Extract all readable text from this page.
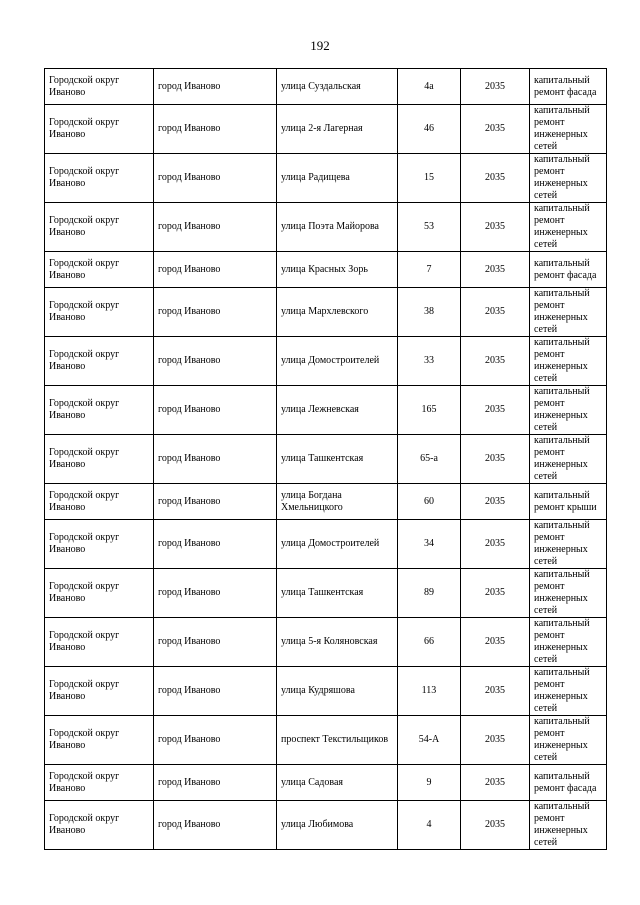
192
Городской округ Иваново	город Иваново	улица Суздальская	4а	2035	капитальный ремонт фасада
Городской округ Иваново	город Иваново	улица 2-я Лагерная	46	2035	капитальный ремонт инженерных сетей
Городской округ Иваново	город Иваново	улица Радищева	15	2035	капитальный ремонт инженерных сетей
Городской округ Иваново	город Иваново	улица Поэта Майорова	53	2035	капитальный ремонт инженерных сетей
Городской округ Иваново	город Иваново	улица Красных Зорь	7	2035	капитальный ремонт фасада
Городской округ Иваново	город Иваново	улица Мархлевского	38	2035	капитальный ремонт инженерных сетей
Городской округ Иваново	город Иваново	улица Домостроителей	33	2035	капитальный ремонт инженерных сетей
Городской округ Иваново	город Иваново	улица Лежневская	165	2035	капитальный ремонт инженерных сетей
Городской округ Иваново	город Иваново	улица Ташкентская	65-а	2035	капитальный ремонт инженерных сетей
Городской округ Иваново	город Иваново	улица Богдана Хмельницкого	60	2035	капитальный ремонт крыши
Городской округ Иваново	город Иваново	улица Домостроителей	34	2035	капитальный ремонт инженерных сетей
Городской округ Иваново	город Иваново	улица Ташкентская	89	2035	капитальный ремонт инженерных сетей
Городской округ Иваново	город Иваново	улица 5-я Коляновская	66	2035	капитальный ремонт инженерных сетей
Городской округ Иваново	город Иваново	улица Кудряшова	113	2035	капитальный ремонт инженерных сетей
Городской округ Иваново	город Иваново	проспект Текстильщиков	54-А	2035	капитальный ремонт инженерных сетей
Городской округ Иваново	город Иваново	улица Садовая	9	2035	капитальный ремонт фасада
Городской округ Иваново	город Иваново	улица Любимова	4	2035	капитальный ремонт инженерных сетей
